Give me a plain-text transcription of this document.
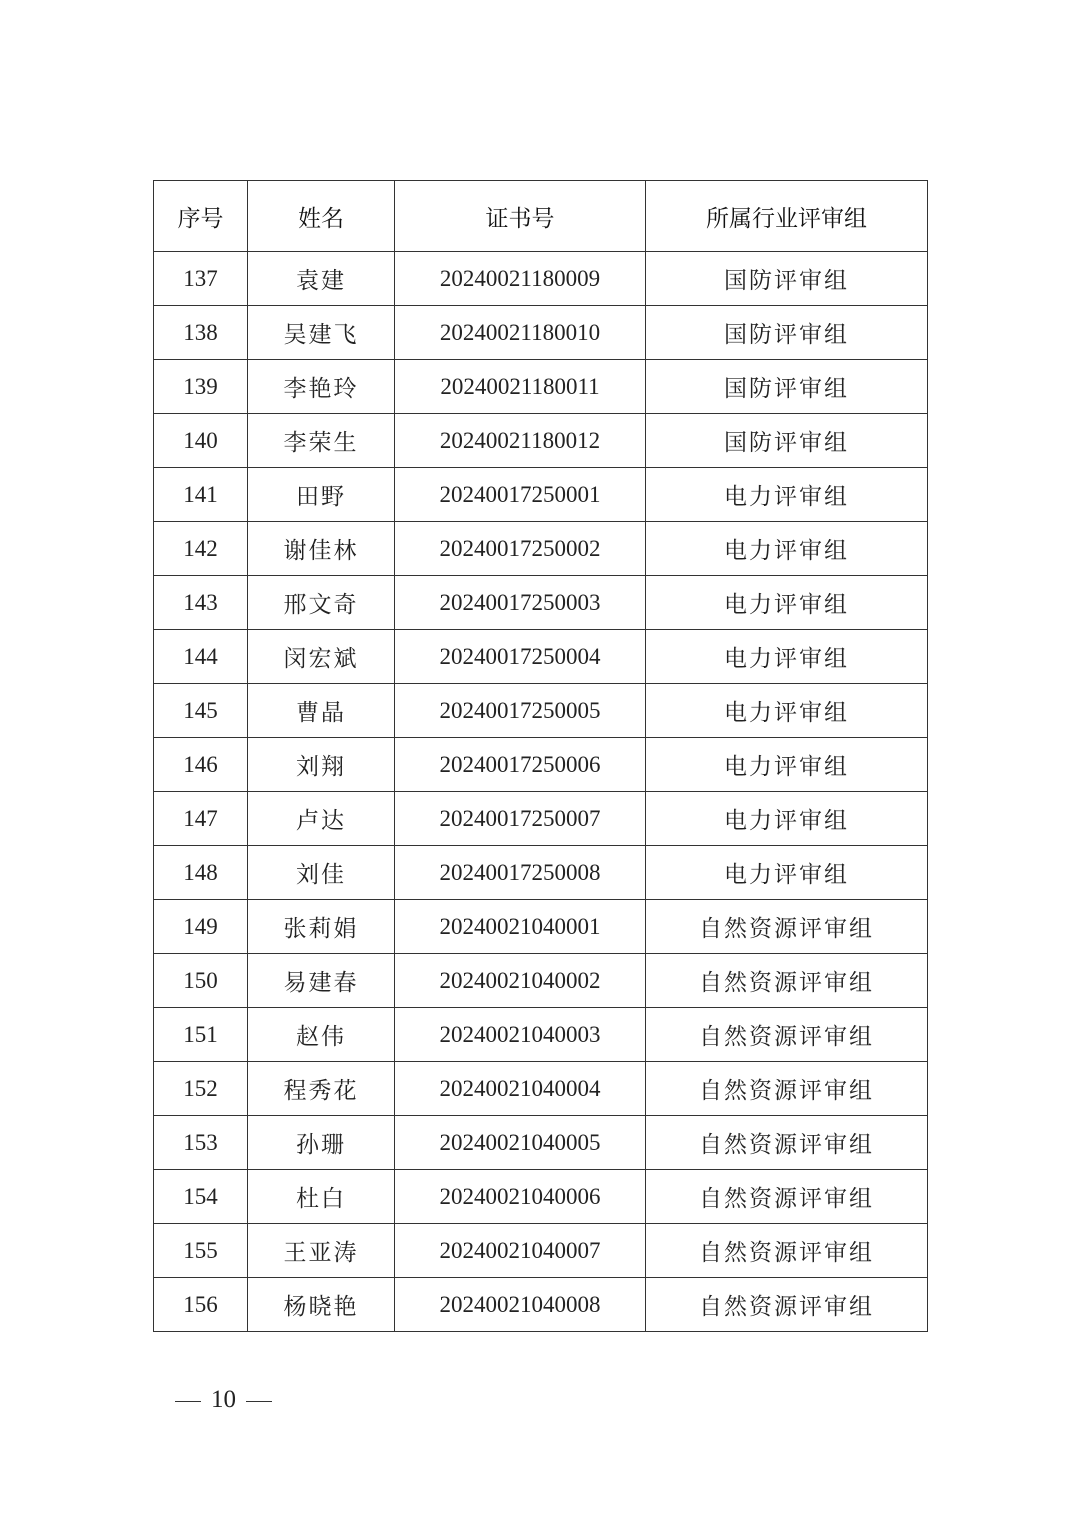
序号	姓名	证书号	所属行业评审组
137	袁建	20240021180009	国防评审组
138	吴建飞	20240021180010	国防评审组
139	李艳玲	20240021180011	国防评审组
140	李荣生	20240021180012	国防评审组
141	田野	20240017250001	电力评审组
142	谢佳林	20240017250002	电力评审组
143	邢文奇	20240017250003	电力评审组
144	闵宏斌	20240017250004	电力评审组
145	曹晶	20240017250005	电力评审组
146	刘翔	20240017250006	电力评审组
147	卢达	20240017250007	电力评审组
148	刘佳	20240017250008	电力评审组
149	张莉娟	20240021040001	自然资源评审组
150	易建春	20240021040002	自然资源评审组
151	赵伟	20240021040003	自然资源评审组
152	程秀花	20240021040004	自然资源评审组
153	孙珊	20240021040005	自然资源评审组
154	杜白	20240021040006	自然资源评审组
155	王亚涛	20240021040007	自然资源评审组
156	杨晓艳	20240021040008	自然资源评审组
10
